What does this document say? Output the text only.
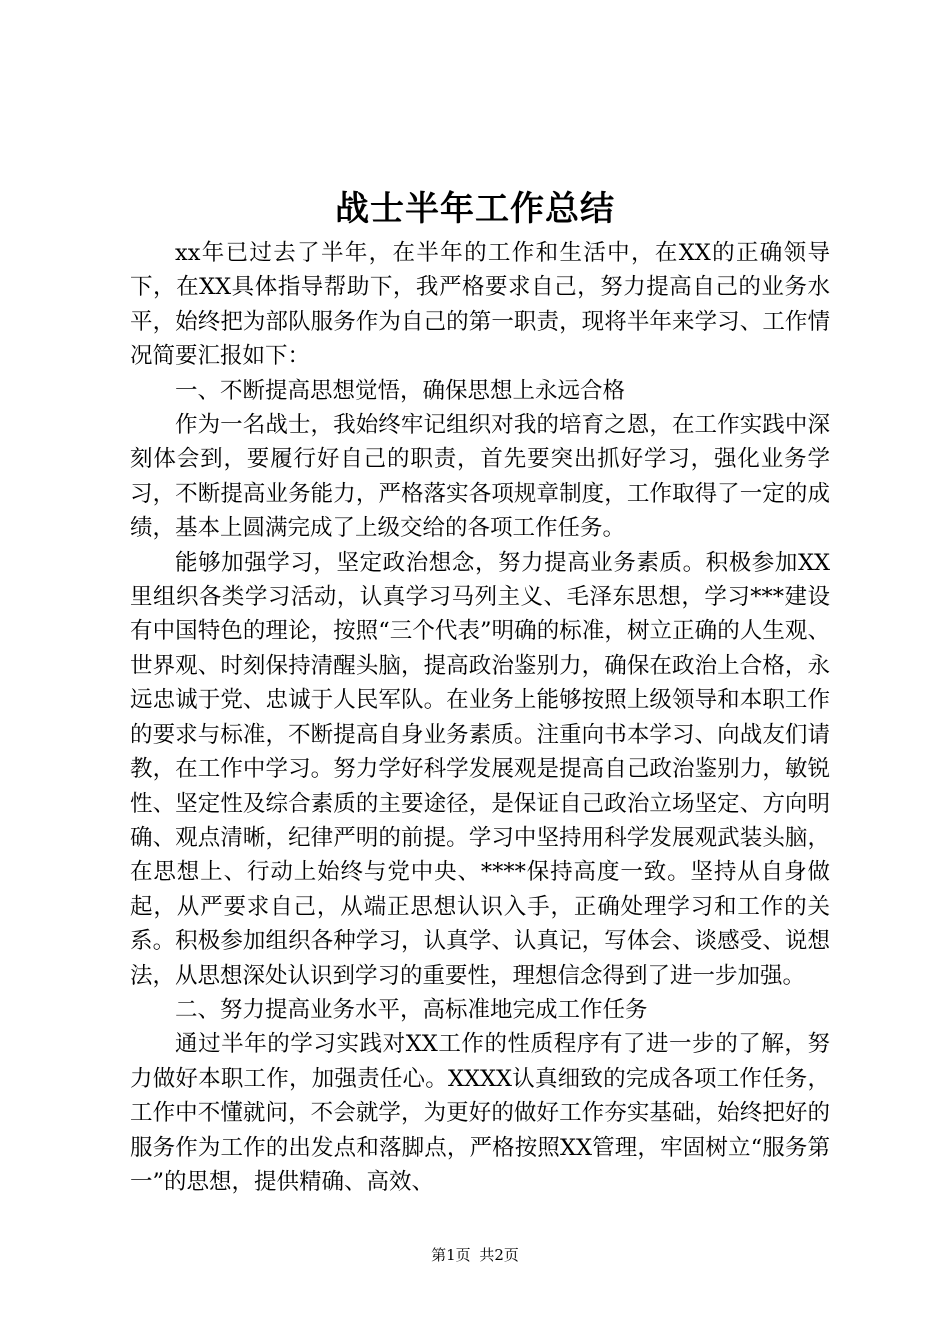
战士半年工作总结

xx年已过去了半年，在半年的工作和生活中，在XX的正确领导下，在XX具体指导帮助下，我严格要求自己，努力提高自己的业务水平，始终把为部队服务作为自己的第一职责，现将半年来学习、工作情况简要汇报如下：

一、不断提高思想觉悟，确保思想上永远合格

作为一名战士，我始终牢记组织对我的培育之恩，在工作实践中深刻体会到，要履行好自己的职责，首先要突出抓好学习，强化业务学习，不断提高业务能力，严格落实各项规章制度，工作取得了一定的成绩，基本上圆满完成了上级交给的各项工作任务。

能够加强学习，坚定政治想念，努力提高业务素质。积极参加XX里组织各类学习活动，认真学习马列主义、毛泽东思想，学习***建设有中国特色的理论，按照“三个代表”明确的标准，树立正确的人生观、世界观、时刻保持清醒头脑，提高政治鉴别力，确保在政治上合格，永远忠诚于党、忠诚于人民军队。在业务上能够按照上级领导和本职工作的要求与标准，不断提高自身业务素质。注重向书本学习、向战友们请教，在工作中学习。努力学好科学发展观是提高自己政治鉴别力，敏锐性、坚定性及综合素质的主要途径，是保证自己政治立场坚定、方向明确、观点清晰，纪律严明的前提。学习中坚持用科学发展观武装头脑，在思想上、行动上始终与党中央、****保持高度一致。坚持从自身做起，从严要求自己，从端正思想认识入手，正确处理学习和工作的关系。积极参加组织各种学习，认真学、认真记，写体会、谈感受、说想法，从思想深处认识到学习的重要性，理想信念得到了进一步加强。

二、努力提高业务水平，高标准地完成工作任务

通过半年的学习实践对XX工作的性质程序有了进一步的了解，努力做好本职工作，加强责任心。XXXX认真细致的完成各项工作任务，工作中不懂就问，不会就学，为更好的做好工作夯实基础，始终把好的服务作为工作的出发点和落脚点，严格按照XX管理，牢固树立“服务第一”的思想，提供精确、高效、

第1页 共2页
